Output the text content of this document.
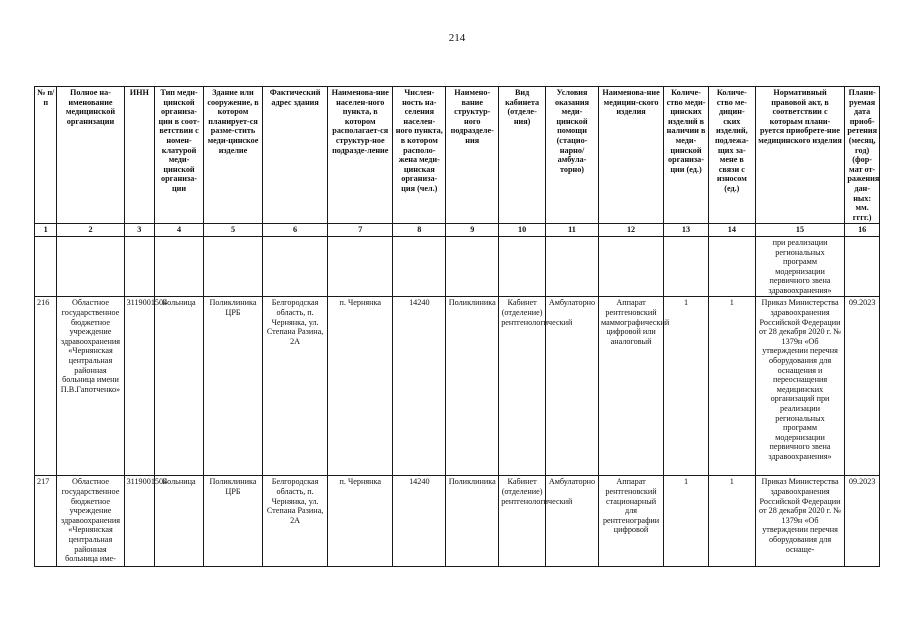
214
№ п/п	Полное на-именование медицинской организации	ИНН	Тип меди-цинской организа-ции в соот-ветствии с номен-клатурой меди-цинской организа-ции	Здание или сооружение, в котором планирует-ся разме-стить меди-цинское изделие	Фактический адрес здания	Наименова-ние населен-ного пункта, в котором располагает-ся структур-ное подразде-ление	Числен-ность на-селения населен-ного пункта, в котором располо-жена меди-цинская организа-ция (чел.)	Наимено-вание структур-ного подразделе-ния	Вид кабинета (отделе-ния)	Условия оказания меди-цинской помощи (стацио-нарно/ амбула-торно)	Наименова-ние медицин-ского изделия	Количе-ство меди-цинских изделий в наличии в меди-цинской организа-ции (ед.)	Количе-ство ме-дицин-ских изделий, подлежа-щих за-мене в связи с износом (ед.)	Нормативный правовой акт, в соответствии с которым плани-руется приобрете-ние медицинского изделия	Плани-руемая дата приоб-ретения (месяц, год) (фор-мат от-ражения дан-ных: мм. гггг.)
1	2	3	4	5	6	7	8	9	10	11	12	13	14	15	16
														при реализации региональных программ модернизации первичного звена здравоохранения»	
216	Областное государственное бюджетное учреждение здравоохранения «Чернянская центральная районная больница имени П.В.Гапотченко»	3119001504	Больница	Поликлиника ЦРБ	Белгородская область, п. Чернянка, ул. Степана Разина, 2А	п. Чернянка	14240	Поликлиника	Кабинет (отделение) рентгенологический	Амбулаторно	Аппарат рентгеновский маммографический цифровой или аналоговый	1	1	Приказ Министерства здравоохранения Российской Федерации от 28 декабря 2020 г. № 1379н «Об утверждении перечня оборудования для оснащения и переоснащения медицинских организаций при реализации региональных программ модернизации первичного звена здравоохранения»	09.2023
217	Областное государственное бюджетное учреждение здравоохранения «Чернянская центральная районная больница име-	3119001504	Больница	Поликлиника ЦРБ	Белгородская область, п. Чернянка, ул. Степана Разина, 2А	п. Чернянка	14240	Поликлиника	Кабинет (отделение) рентгенологический	Амбулаторно	Аппарат рентгеновский стационарный для рентгенографии цифровой	1	1	Приказ Министерства здравоохранения Российской Федерации от 28 декабря 2020 г. № 1379н «Об утверждении перечня оборудования для оснаще-	09.2023
